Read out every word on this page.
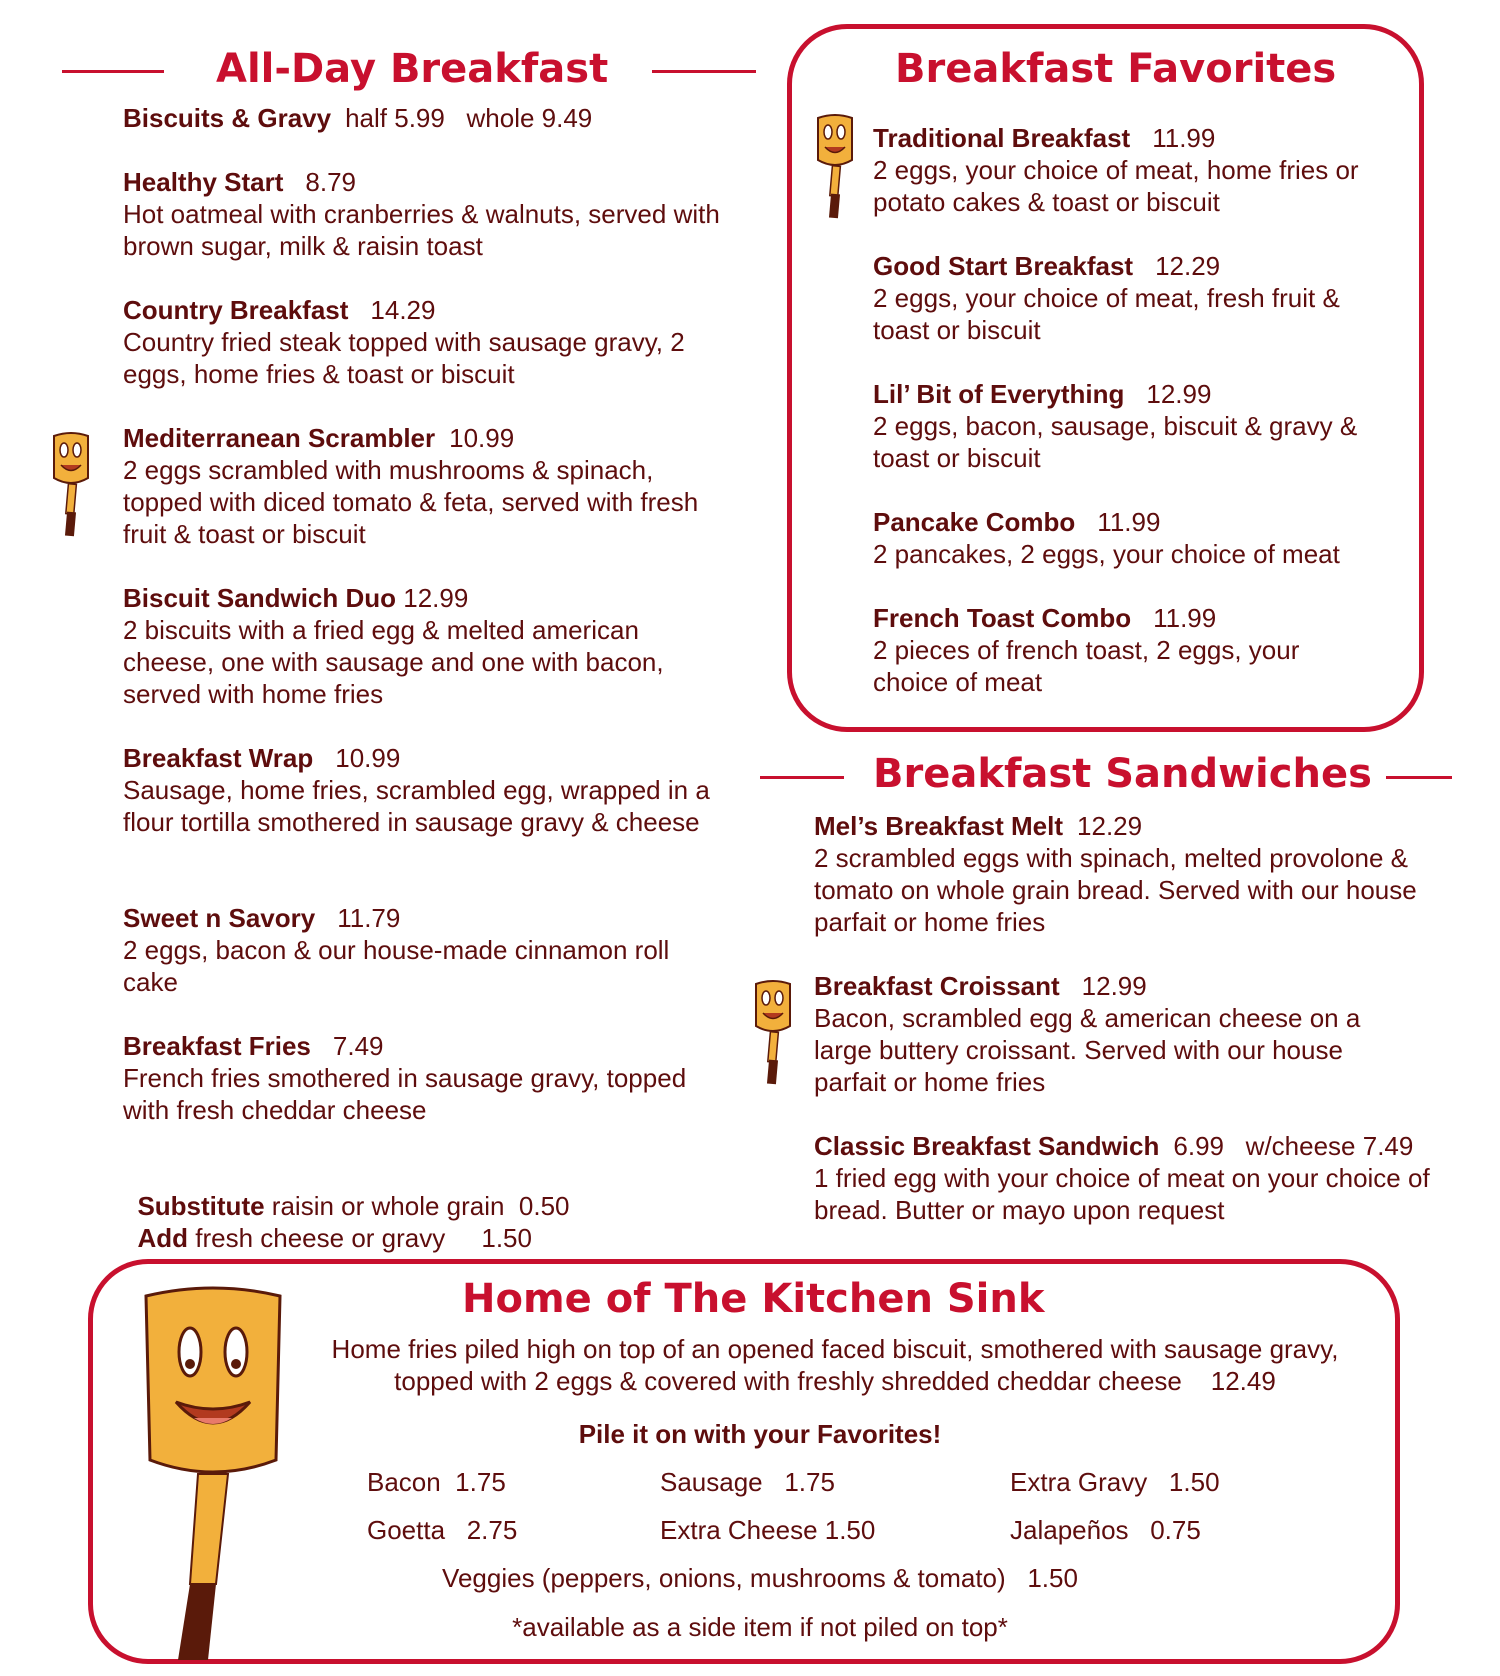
All-Day Breakfast
Biscuits & Gravy half 5.99   whole 9.49
Healthy Start 8.79
Hot oatmeal with cranberries & walnuts, served with brown sugar, milk & raisin toast
Country Breakfast 14.29
Country fried steak topped with sausage gravy, 2 eggs, home fries & toast or biscuit
Mediterranean Scrambler 10.99
2 eggs scrambled with mushrooms & spinach, topped with diced tomato & feta, served with fresh fruit & toast or biscuit
Biscuit Sandwich Duo 12.99
2 biscuits with a fried egg & melted american cheese, one with sausage and one with bacon, served with home fries
Breakfast Wrap 10.99
Sausage, home fries, scrambled egg, wrapped in a flour tortilla smothered in sausage gravy & cheese
Sweet n Savory 11.79
2 eggs, bacon & our house-made cinnamon roll cake
Breakfast Fries 7.49
French fries smothered in sausage gravy, topped with fresh cheddar cheese

Substitute raisin or whole grain  0.50

Add fresh cheese or gravy     1.50

Breakfast Favorites
Traditional Breakfast 11.99
2 eggs, your choice of meat, home fries or potato cakes & toast or biscuit
Good Start Breakfast 12.29
2 eggs, your choice of meat, fresh fruit & toast or biscuit
Lil’ Bit of Everything 12.99
2 eggs, bacon, sausage, biscuit & gravy & toast or biscuit
Pancake Combo 11.99
2 pancakes, 2 eggs, your choice of meat
French Toast Combo 11.99
2 pieces of french toast, 2 eggs, your choice of meat
Breakfast Sandwiches
Mel’s Breakfast Melt 12.29
2 scrambled eggs with spinach, melted provolone & tomato on whole grain bread. Served with our house parfait or home fries
Breakfast Croissant 12.99
Bacon, scrambled egg & american cheese on a large buttery croissant. Served with our house parfait or home fries
Classic Breakfast Sandwich 6.99   w/cheese 7.49
1 fried egg with your choice of meat on your choice of bread. Butter or mayo upon request
Home of The Kitchen Sink
Home fries piled high on top of an opened faced biscuit, smothered with sausage gravy,
topped with 2 eggs & covered with freshly shredded cheddar cheese    12.49
Pile it on with your Favorites!
Bacon  1.75	Sausage   1.75	Extra Gravy   1.50
Goetta   2.75	Extra Cheese 1.50	Jalapeños   0.75
Veggies (peppers, onions, mushrooms & tomato)   1.50
*available as a side item if not piled on top*
